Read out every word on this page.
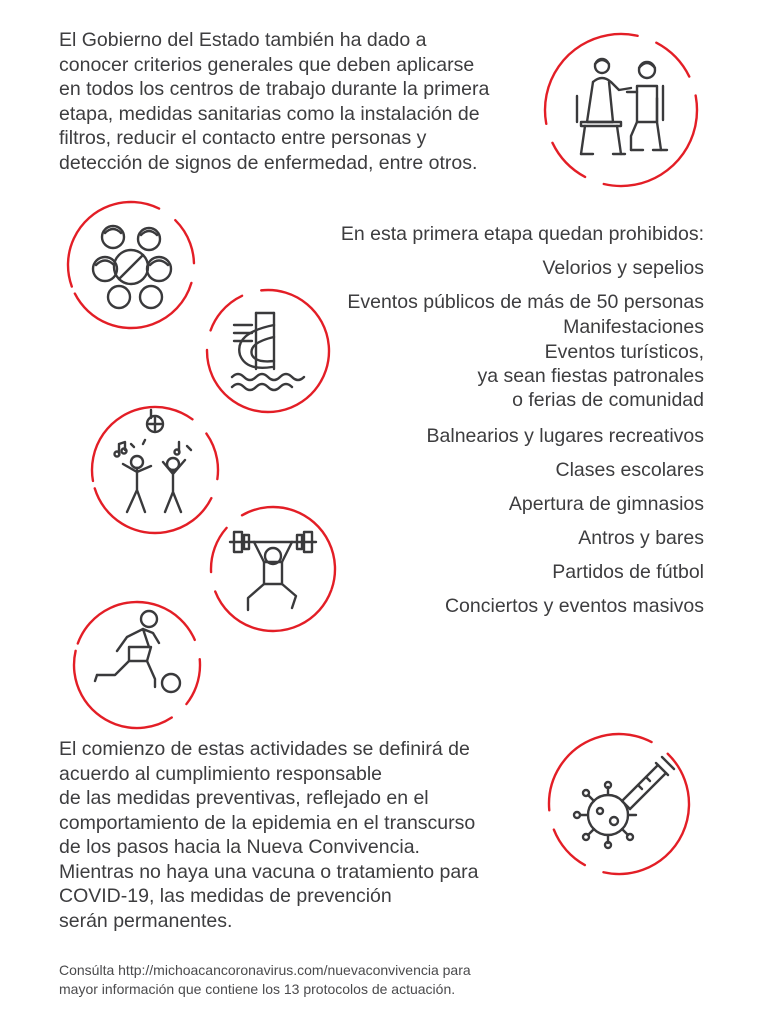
El Gobierno del Estado también ha dado a
conocer criterios generales que deben aplicarse
en todos los centros de trabajo durante la primera
etapa, medidas sanitarias como la instalación de
filtros, reducir el contacto entre personas y
detección de signos de enfermedad, entre otros.

En esta primera etapa quedan prohibidos:
Velorios y sepelios
Eventos públicos de más de 50 personas
Manifestaciones
Eventos turísticos,
ya sean fiestas patronales
o ferias de comunidad
Balnearios y lugares recreativos
Clases escolares
Apertura de gimnasios
Antros y bares
Partidos de fútbol
Conciertos y eventos masivos

El comienzo de estas actividades se definirá de
acuerdo al cumplimiento responsable
de las medidas preventivas, reflejado en el
comportamiento de la epidemia en el transcurso
de los pasos hacia la Nueva Convivencia.
Mientras no haya una vacuna o tratamiento para
COVID-19, las medidas de prevención
serán permanentes.

Consúlta http://michoacancoronavirus.com/nuevaconvivencia para
mayor información que contiene los 13 protocolos de actuación.
